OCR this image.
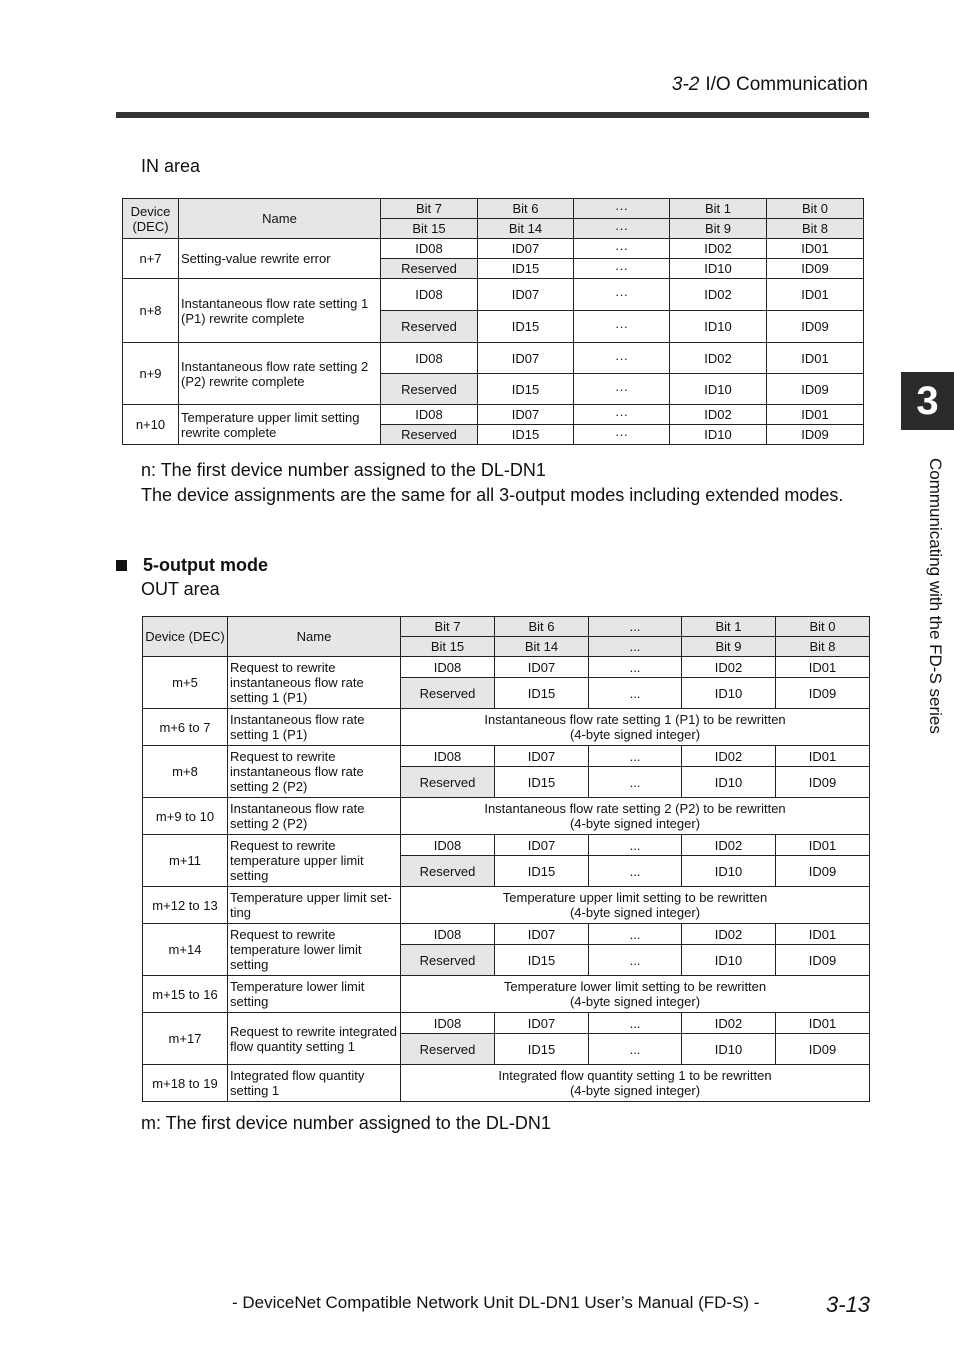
3-2 I/O Communication
IN area
Device (DEC)	Name	Bit 7	Bit 6	···	Bit 1	Bit 0
		Bit 15	Bit 14	···	Bit 9	Bit 8
n+7	Setting-value rewrite error	ID08	ID07	···	ID02	ID01
		Reserved	ID15	···	ID10	ID09
n+8	Instantaneous flow rate setting 1 (P1) rewrite complete	ID08	ID07	···	ID02	ID01
		Reserved	ID15	···	ID10	ID09
n+9	Instantaneous flow rate setting 2 (P2) rewrite complete	ID08	ID07	···	ID02	ID01
		Reserved	ID15	···	ID10	ID09
n+10	Temperature upper limit setting rewrite complete	ID08	ID07	···	ID02	ID01
		Reserved	ID15	···	ID10	ID09
n: The first device number assigned to the DL-DN1
The device assignments are the same for all 3-output modes including extended modes.
5-output mode
OUT area
Device (DEC)	Name	Bit 7	Bit 6	...	Bit 1	Bit 0
		Bit 15	Bit 14	...	Bit 9	Bit 8
m+5	Request to rewrite instantaneous flow rate setting 1 (P1)	ID08	ID07	...	ID02	ID01
		Reserved	ID15	...	ID10	ID09
m+6 to 7	Instantaneous flow rate setting 1 (P1)	Instantaneous flow rate setting 1 (P1) to be rewritten
(4-byte signed integer)				

m+8	Request to rewrite instantaneous flow rate setting 2 (P2)	ID08	ID07	...	ID02	ID01
		Reserved	ID15	...	ID10	ID09
m+9 to 10	Instantaneous flow rate setting 2 (P2)	Instantaneous flow rate setting 2 (P2) to be rewritten
(4-byte signed integer)				

m+11	Request to rewrite temperature upper limit setting	ID08	ID07	...	ID02	ID01
		Reserved	ID15	...	ID10	ID09
m+12 to 13	Temperature upper limit set-ting	Temperature upper limit setting to be rewritten
(4-byte signed integer)				

m+14	Request to rewrite temperature lower limit setting	ID08	ID07	...	ID02	ID01
		Reserved	ID15	...	ID10	ID09
m+15 to 16	Temperature lower limit setting	Temperature lower limit setting to be rewritten
(4-byte signed integer)				

m+17	Request to rewrite integrated flow quantity setting 1	ID08	ID07	...	ID02	ID01
		Reserved	ID15	...	ID10	ID09
m+18 to 19	Integrated flow quantity setting 1	Integrated flow quantity setting 1 to be rewritten
(4-byte signed integer)				
m: The first device number assigned to the DL-DN1
3
Communicating with the FD-S series
- DeviceNet Compatible Network Unit DL-DN1 User’s Manual (FD-S) -	3-13
